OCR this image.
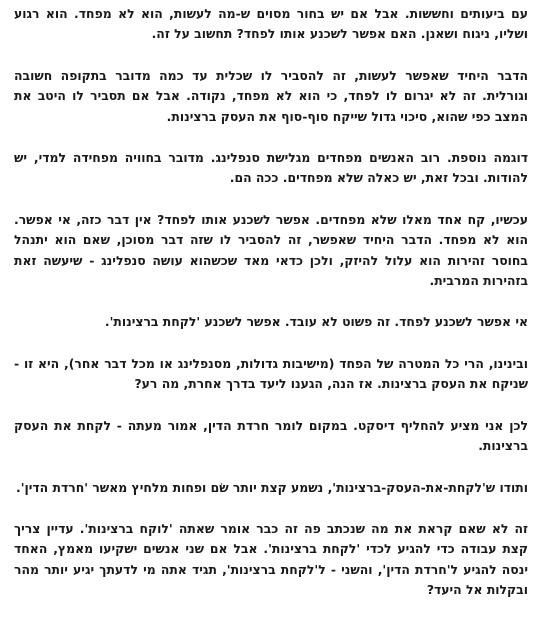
עם ביעותים וחששות. אבל אם יש בחור מסוים ש-מה לעשות, הוא לא מפחד. הוא רגוע ושליו, ניגוח ושאנן. האם אפשר לשכנע אותו לפחד? תחשוב על זה.

הדבר היחיד שאפשר לעשות, זה להסביר לו שכלית עד כמה מדובר בתקופה חשובה וגורלית. זה לא יגרום לו לפחד, כי הוא לא מפחד, נקודה. אבל אם תסביר לו היטב את המצב כפי שהוא, סיכוי גדול שייקח סוף-סוף את העסק ברצינות.

דוגמה נוספת. רוב האנשים מפחדים מגלישת סנפלינג. מדובר בחוויה מפחידה למדי, יש להודות. ובכל זאת, יש כאלה שלא מפחדים. ככה הם.

עכשיו, קח אחד מאלו שלא מפחדים. אפשר לשכנע אותו לפחד? אין דבר כזה, אי אפשר. הוא לא מפחד. הדבר היחיד שאפשר, זה להסביר לו שזה דבר מסוכן, שאם הוא יתנהל בחוסר זהירות הוא עלול להיזק, ולכן כדאי מאד שכשהוא עושה סנפלינג - שיעשה זאת בזהירות המרבית.

אי אפשר לשכנע לפחד. זה פשוט לא עובד. אפשר לשכנע 'לקחת ברצינות'.

ובינינו, הרי כל המטרה של הפחד (מישיבות גדולות, מסנפלינג או מכל דבר אחר), היא זו - שניקח את העסק ברצינות. אז הנה, הגענו ליעד בדרך אחרת, מה רע?

לכן אני מציע להחליף דיסקט. במקום לומר חרדת הדין, אמור מעתה - לקחת את העסק ברצינות.

ותודו ש'לקחת-את-העסק-ברצינות', נשמע קצת יותר שׂם ופחות מלחיץ מאשר 'חרדת הדין'.

זה לא שאם קראת את מה שנכתב פה זה כבר אומר שאתה 'לוקח ברצינות'. עדיין צריך קצת עבודה כדי להגיע לכדי 'לקחת ברצינות'. אבל אם שני אנשים ישקיעו מאמץ, האחד ינסה להגיע ל'חרדת הדין', והשני - ל'לקחת ברצינות', תגיד אתה מי לדעתך יגיע יותר מהר ובקלות אל היעד?
